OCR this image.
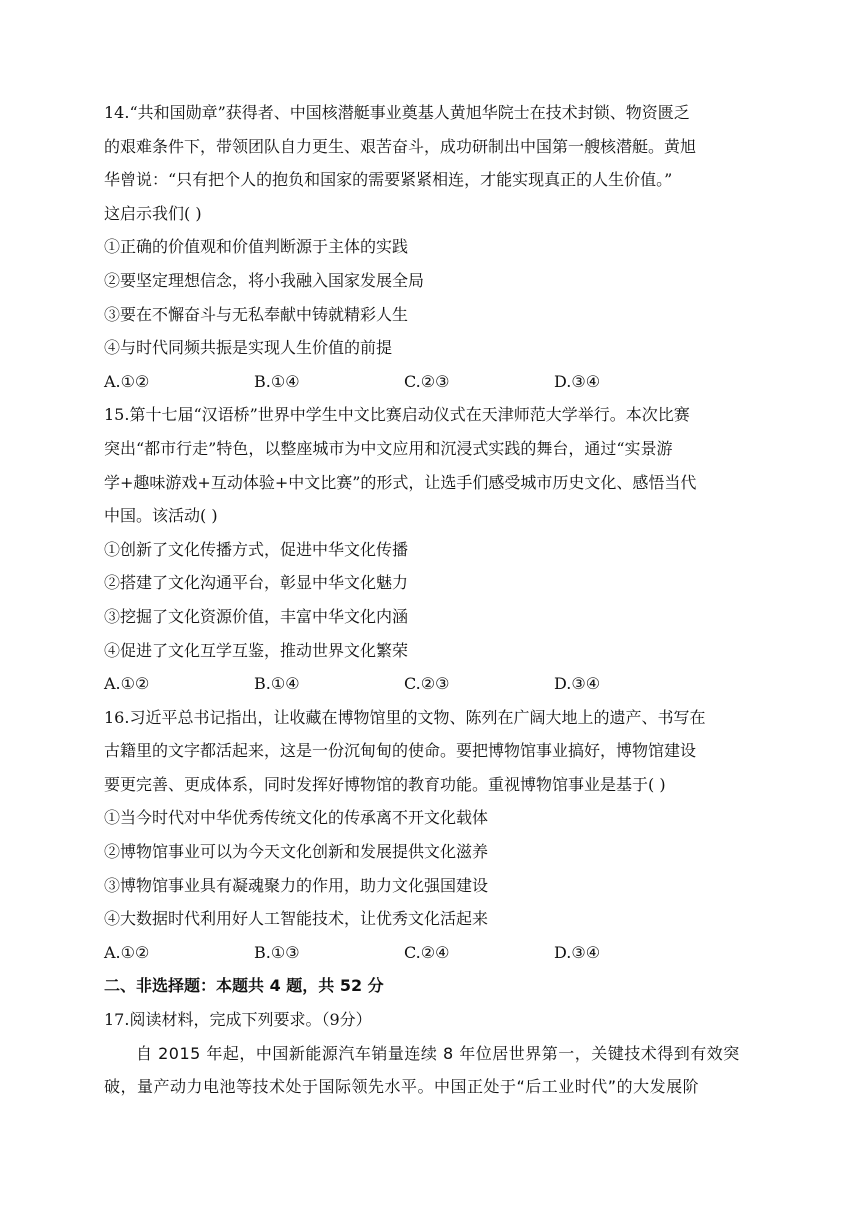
14.“共和国勋章”获得者、中国核潜艇事业奠基人黄旭华院士在技术封锁、物资匮乏
的艰难条件下，带领团队自力更生、艰苦奋斗，成功研制出中国第一艘核潜艇。黄旭
华曾说：“只有把个人的抱负和国家的需要紧紧相连，才能实现真正的人生价值。”
这启示我们( )
①正确的价值观和价值判断源于主体的实践
②要坚定理想信念，将小我融入国家发展全局
③要在不懈奋斗与无私奉献中铸就精彩人生
④与时代同频共振是实现人生价值的前提
A.①②	B.①④	C.②③	D.③④
15.第十七届“汉语桥”世界中学生中文比赛启动仪式在天津师范大学举行。本次比赛
突出“都市行走”特色，以整座城市为中文应用和沉浸式实践的舞台，通过“实景游
学+趣味游戏+互动体验+中文比赛”的形式，让选手们感受城市历史文化、感悟当代
中国。该活动( )
①创新了文化传播方式，促进中华文化传播
②搭建了文化沟通平台，彰显中华文化魅力
③挖掘了文化资源价值，丰富中华文化内涵
④促进了文化互学互鉴，推动世界文化繁荣
A.①②	B.①④	C.②③	D.③④
16.习近平总书记指出，让收藏在博物馆里的文物、陈列在广阔大地上的遗产、书写在
古籍里的文字都活起来，这是一份沉甸甸的使命。要把博物馆事业搞好，博物馆建设
要更完善、更成体系，同时发挥好博物馆的教育功能。重视博物馆事业是基于( )
①当今时代对中华优秀传统文化的传承离不开文化载体
②博物馆事业可以为今天文化创新和发展提供文化滋养
③博物馆事业具有凝魂聚力的作用，助力文化强国建设
④大数据时代利用好人工智能技术，让优秀文化活起来
A.①②	B.①③	C.②④	D.③④
二、非选择题：本题共 4 题，共 52 分
17.阅读材料，完成下列要求。（9分）
自 2015 年起，中国新能源汽车销量连续 8 年位居世界第一，关键技术得到有效突破，量产动力电池等技术处于国际领先水平。中国正处于“后工业时代”的大发展阶
